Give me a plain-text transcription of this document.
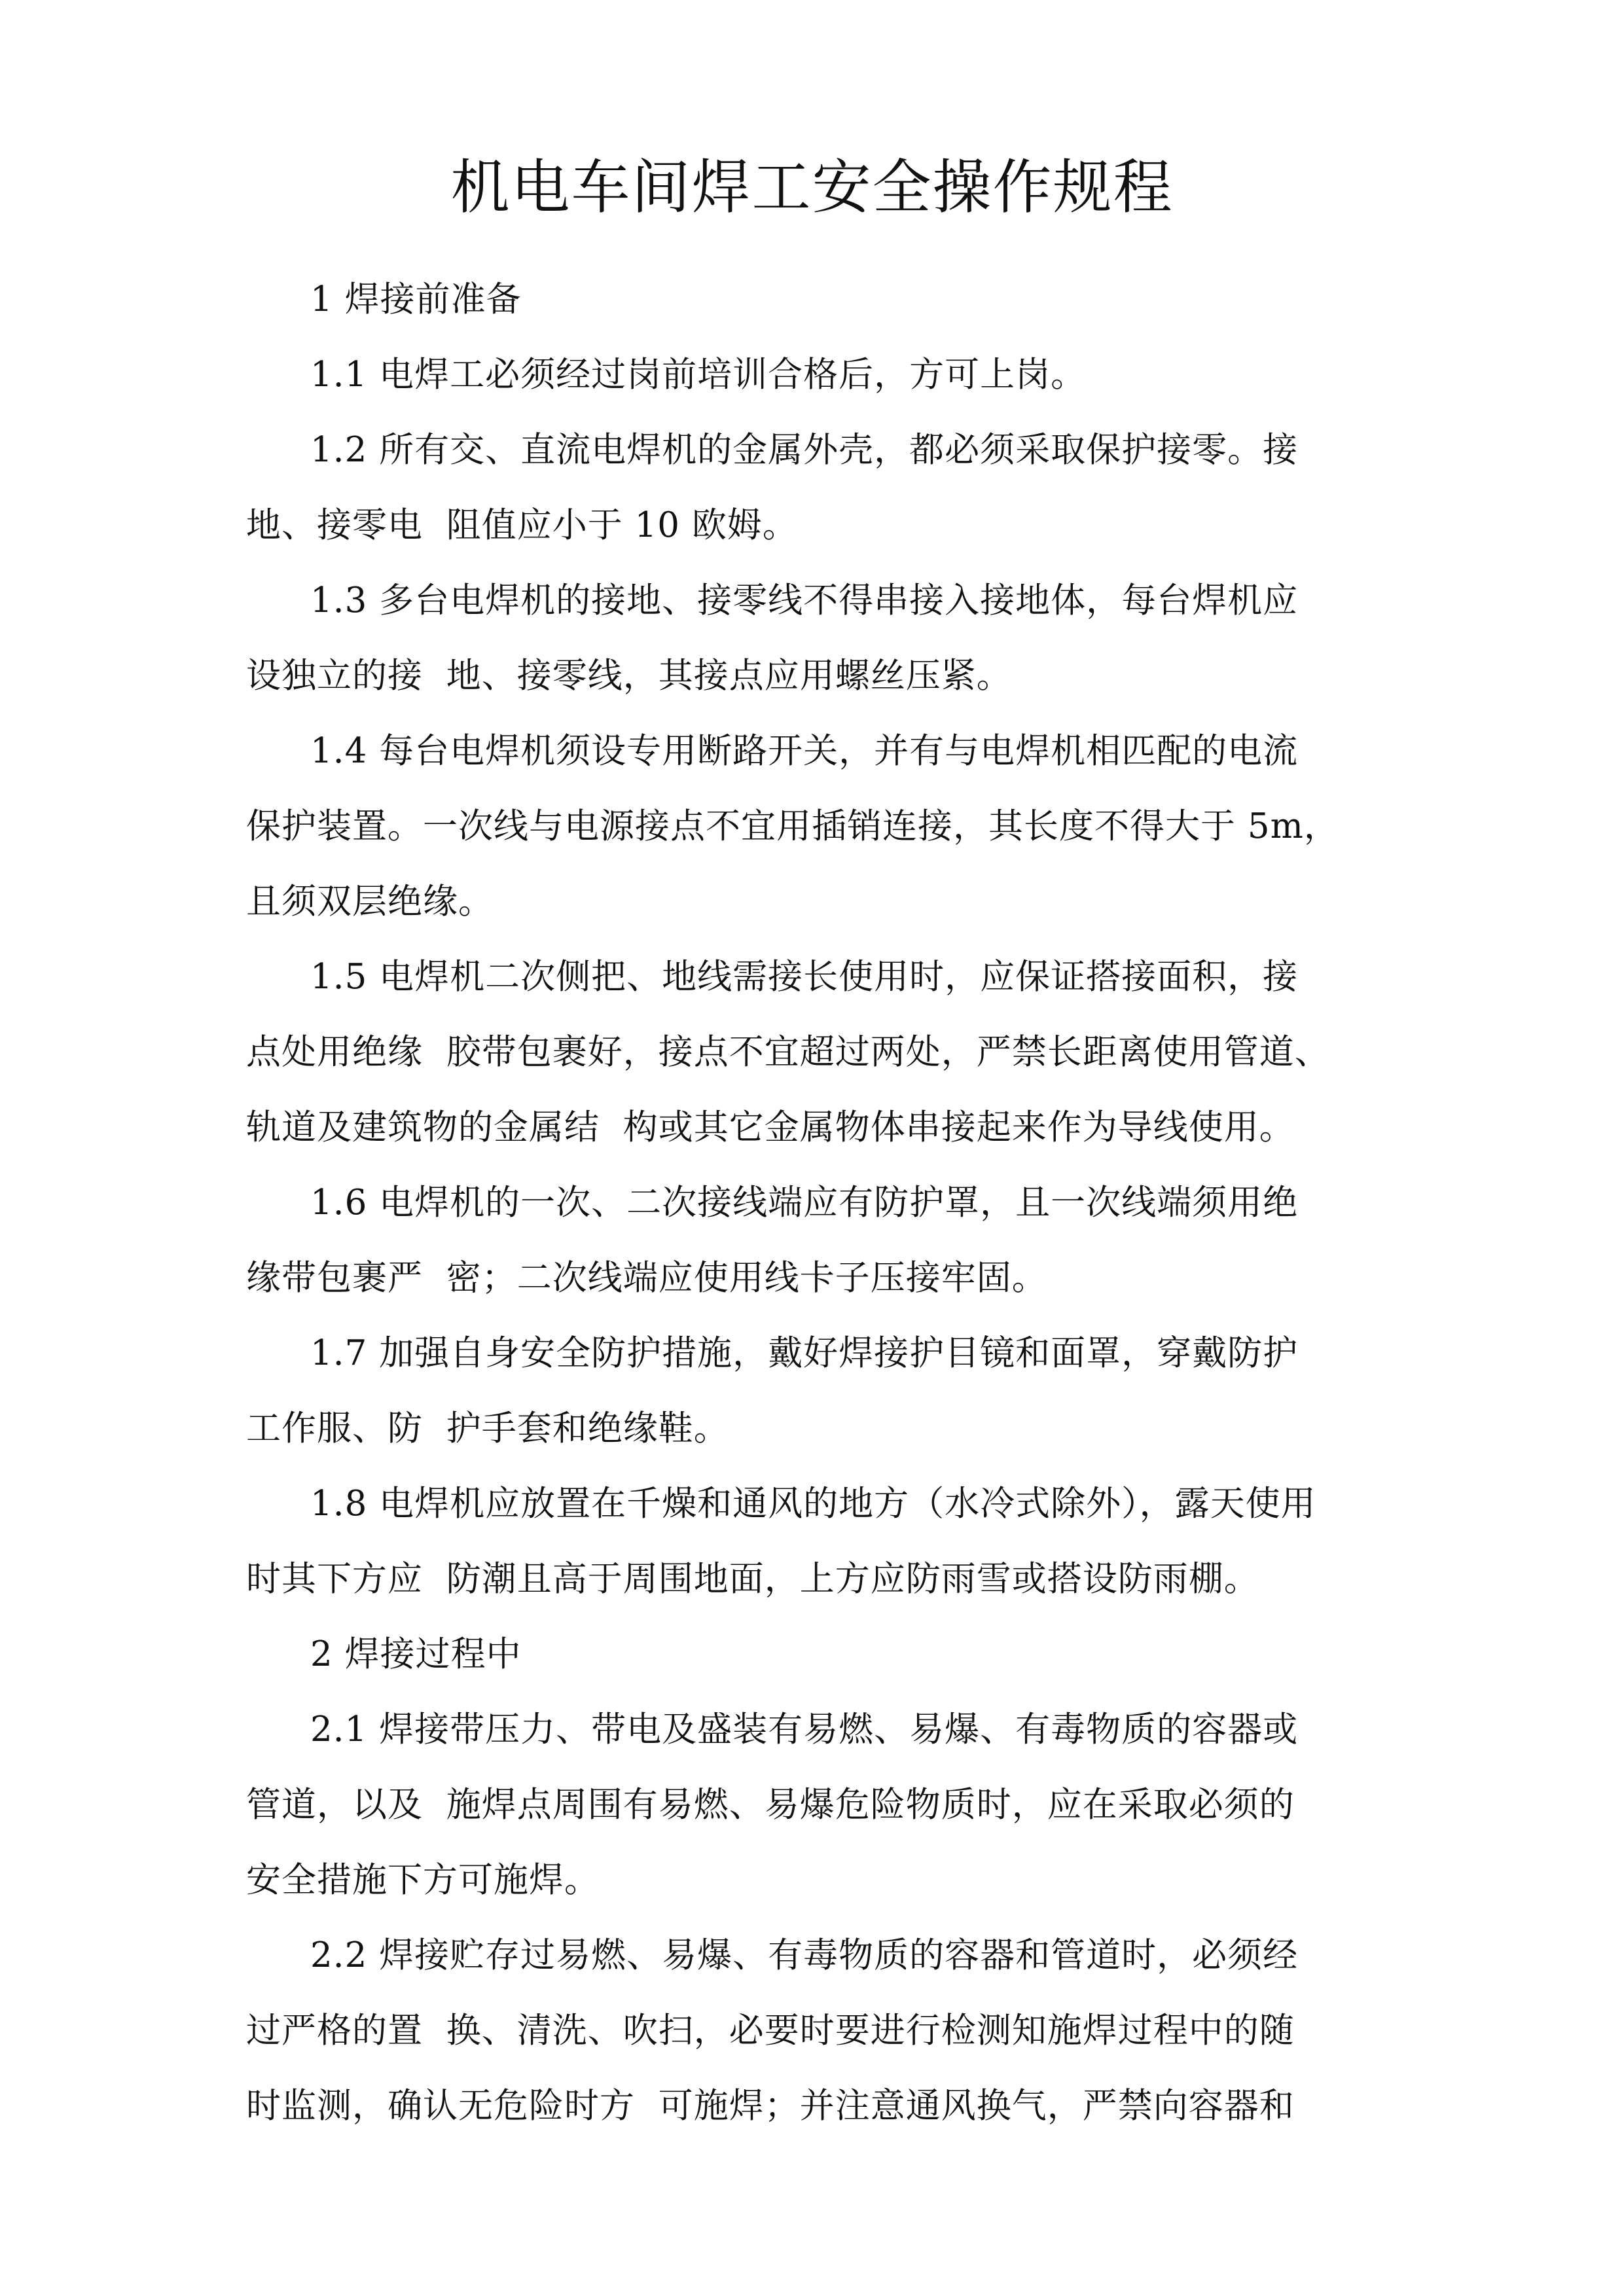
机电车间焊工安全操作规程
1 焊接前准备
1.1 电焊工必须经过岗前培训合格后，方可上岗。
1.2 所有交、直流电焊机的金属外壳，都必须采取保护接零。接
地、接零电  阻值应小于 10 欧姆。
1.3 多台电焊机的接地、接零线不得串接入接地体，每台焊机应
设独立的接  地、接零线，其接点应用螺丝压紧。
1.4 每台电焊机须设专用断路开关，并有与电焊机相匹配的电流
保护装置。一次线与电源接点不宜用插销连接，其长度不得大于 5m，
且须双层绝缘。
1.5 电焊机二次侧把、地线需接长使用时，应保证搭接面积，接
点处用绝缘  胶带包裹好，接点不宜超过两处，严禁长距离使用管道、
轨道及建筑物的金属结  构或其它金属物体串接起来作为导线使用。
1.6 电焊机的一次、二次接线端应有防护罩，且一次线端须用绝
缘带包裹严  密；二次线端应使用线卡子压接牢固。
1.7 加强自身安全防护措施，戴好焊接护目镜和面罩，穿戴防护
工作服、防  护手套和绝缘鞋。
1.8 电焊机应放置在千燥和通风的地方（水冷式除外），露天使用
时其下方应  防潮且高于周围地面，上方应防雨雪或搭设防雨棚。
2 焊接过程中
2.1 焊接带压力、带电及盛装有易燃、易爆、有毒物质的容器或
管道，以及  施焊点周围有易燃、易爆危险物质时，应在采取必须的
安全措施下方可施焊。
2.2 焊接贮存过易燃、易爆、有毒物质的容器和管道时，必须经
过严格的置  换、清洗、吹扫，必要时要进行检测知施焊过程中的随
时监测，确认无危险时方  可施焊；并注意通风换气，严禁向容器和
